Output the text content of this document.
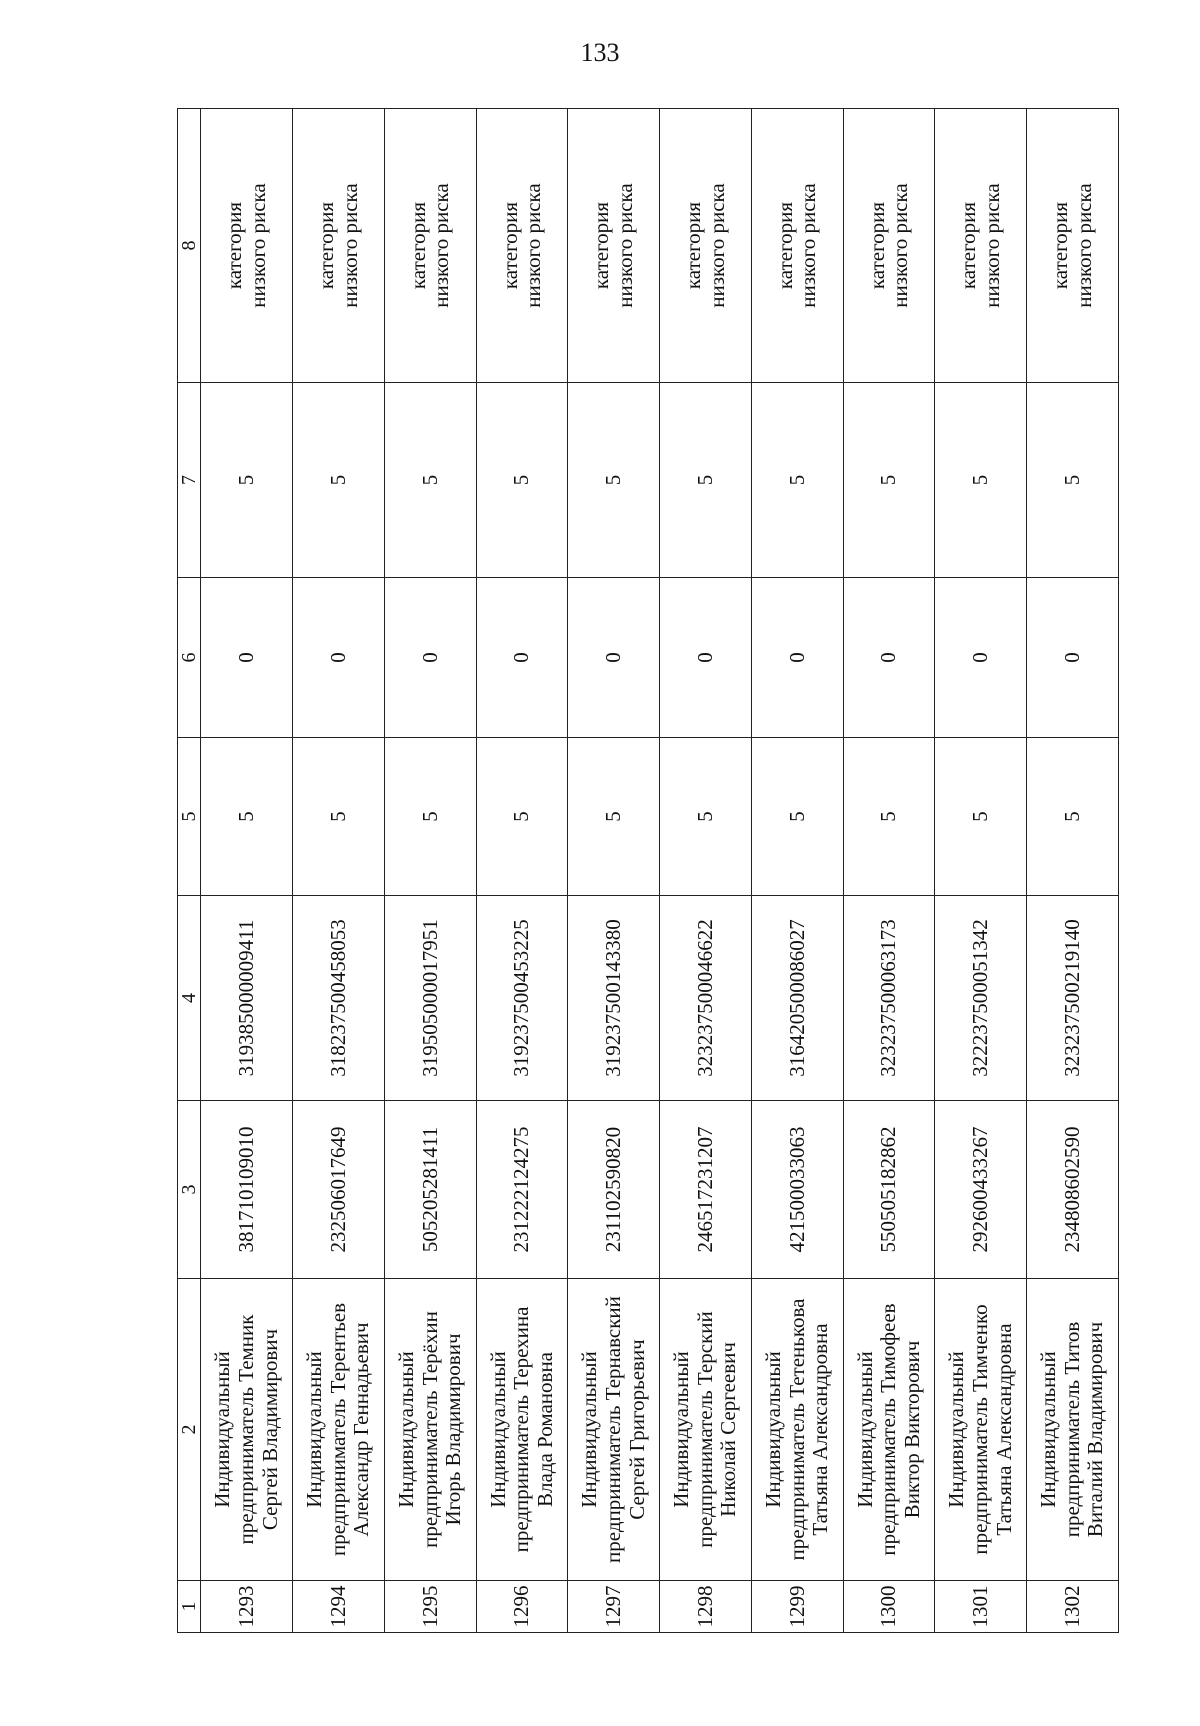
133
1	2	3	4	5	6	7	8
1293	Индивидуальный предприниматель Темник Сергей Владимирович	381710109010	319385000009411	5	0	5	категория низкого риска

1294	Индивидуальный предприниматель Терентьев Александр Геннадьевич	232506017649	318237500458053	5	0	5	категория низкого риска

1295	Индивидуальный предприниматель Терёхин Игорь Владимирович	505205281411	319505000017951	5	0	5	категория низкого риска

1296	Индивидуальный предприниматель Терехина Влада Романовна	231222124275	319237500453225	5	0	5	категория низкого риска

1297	Индивидуальный предприниматель Тернавский Сергей Григорьевич	231102590820	319237500143380	5	0	5	категория низкого риска

1298	Индивидуальный предприниматель Терский Николай Сергеевич	246517231207	323237500046622	5	0	5	категория низкого риска

1299	Индивидуальный предприниматель Тетенькова Татьяна Александровна	421500033063	316420500086027	5	0	5	категория низкого риска

1300	Индивидуальный предприниматель Тимофеев Виктор Викторович	550505182862	323237500063173	5	0	5	категория низкого риска

1301	Индивидуальный предприниматель Тимченко Татьяна Александровна	292600433267	322237500051342	5	0	5	категория низкого риска

1302	Индивидуальный предприниматель Титов Виталий Владимирович	234808602590	323237500219140	5	0	5	категория низкого риска
